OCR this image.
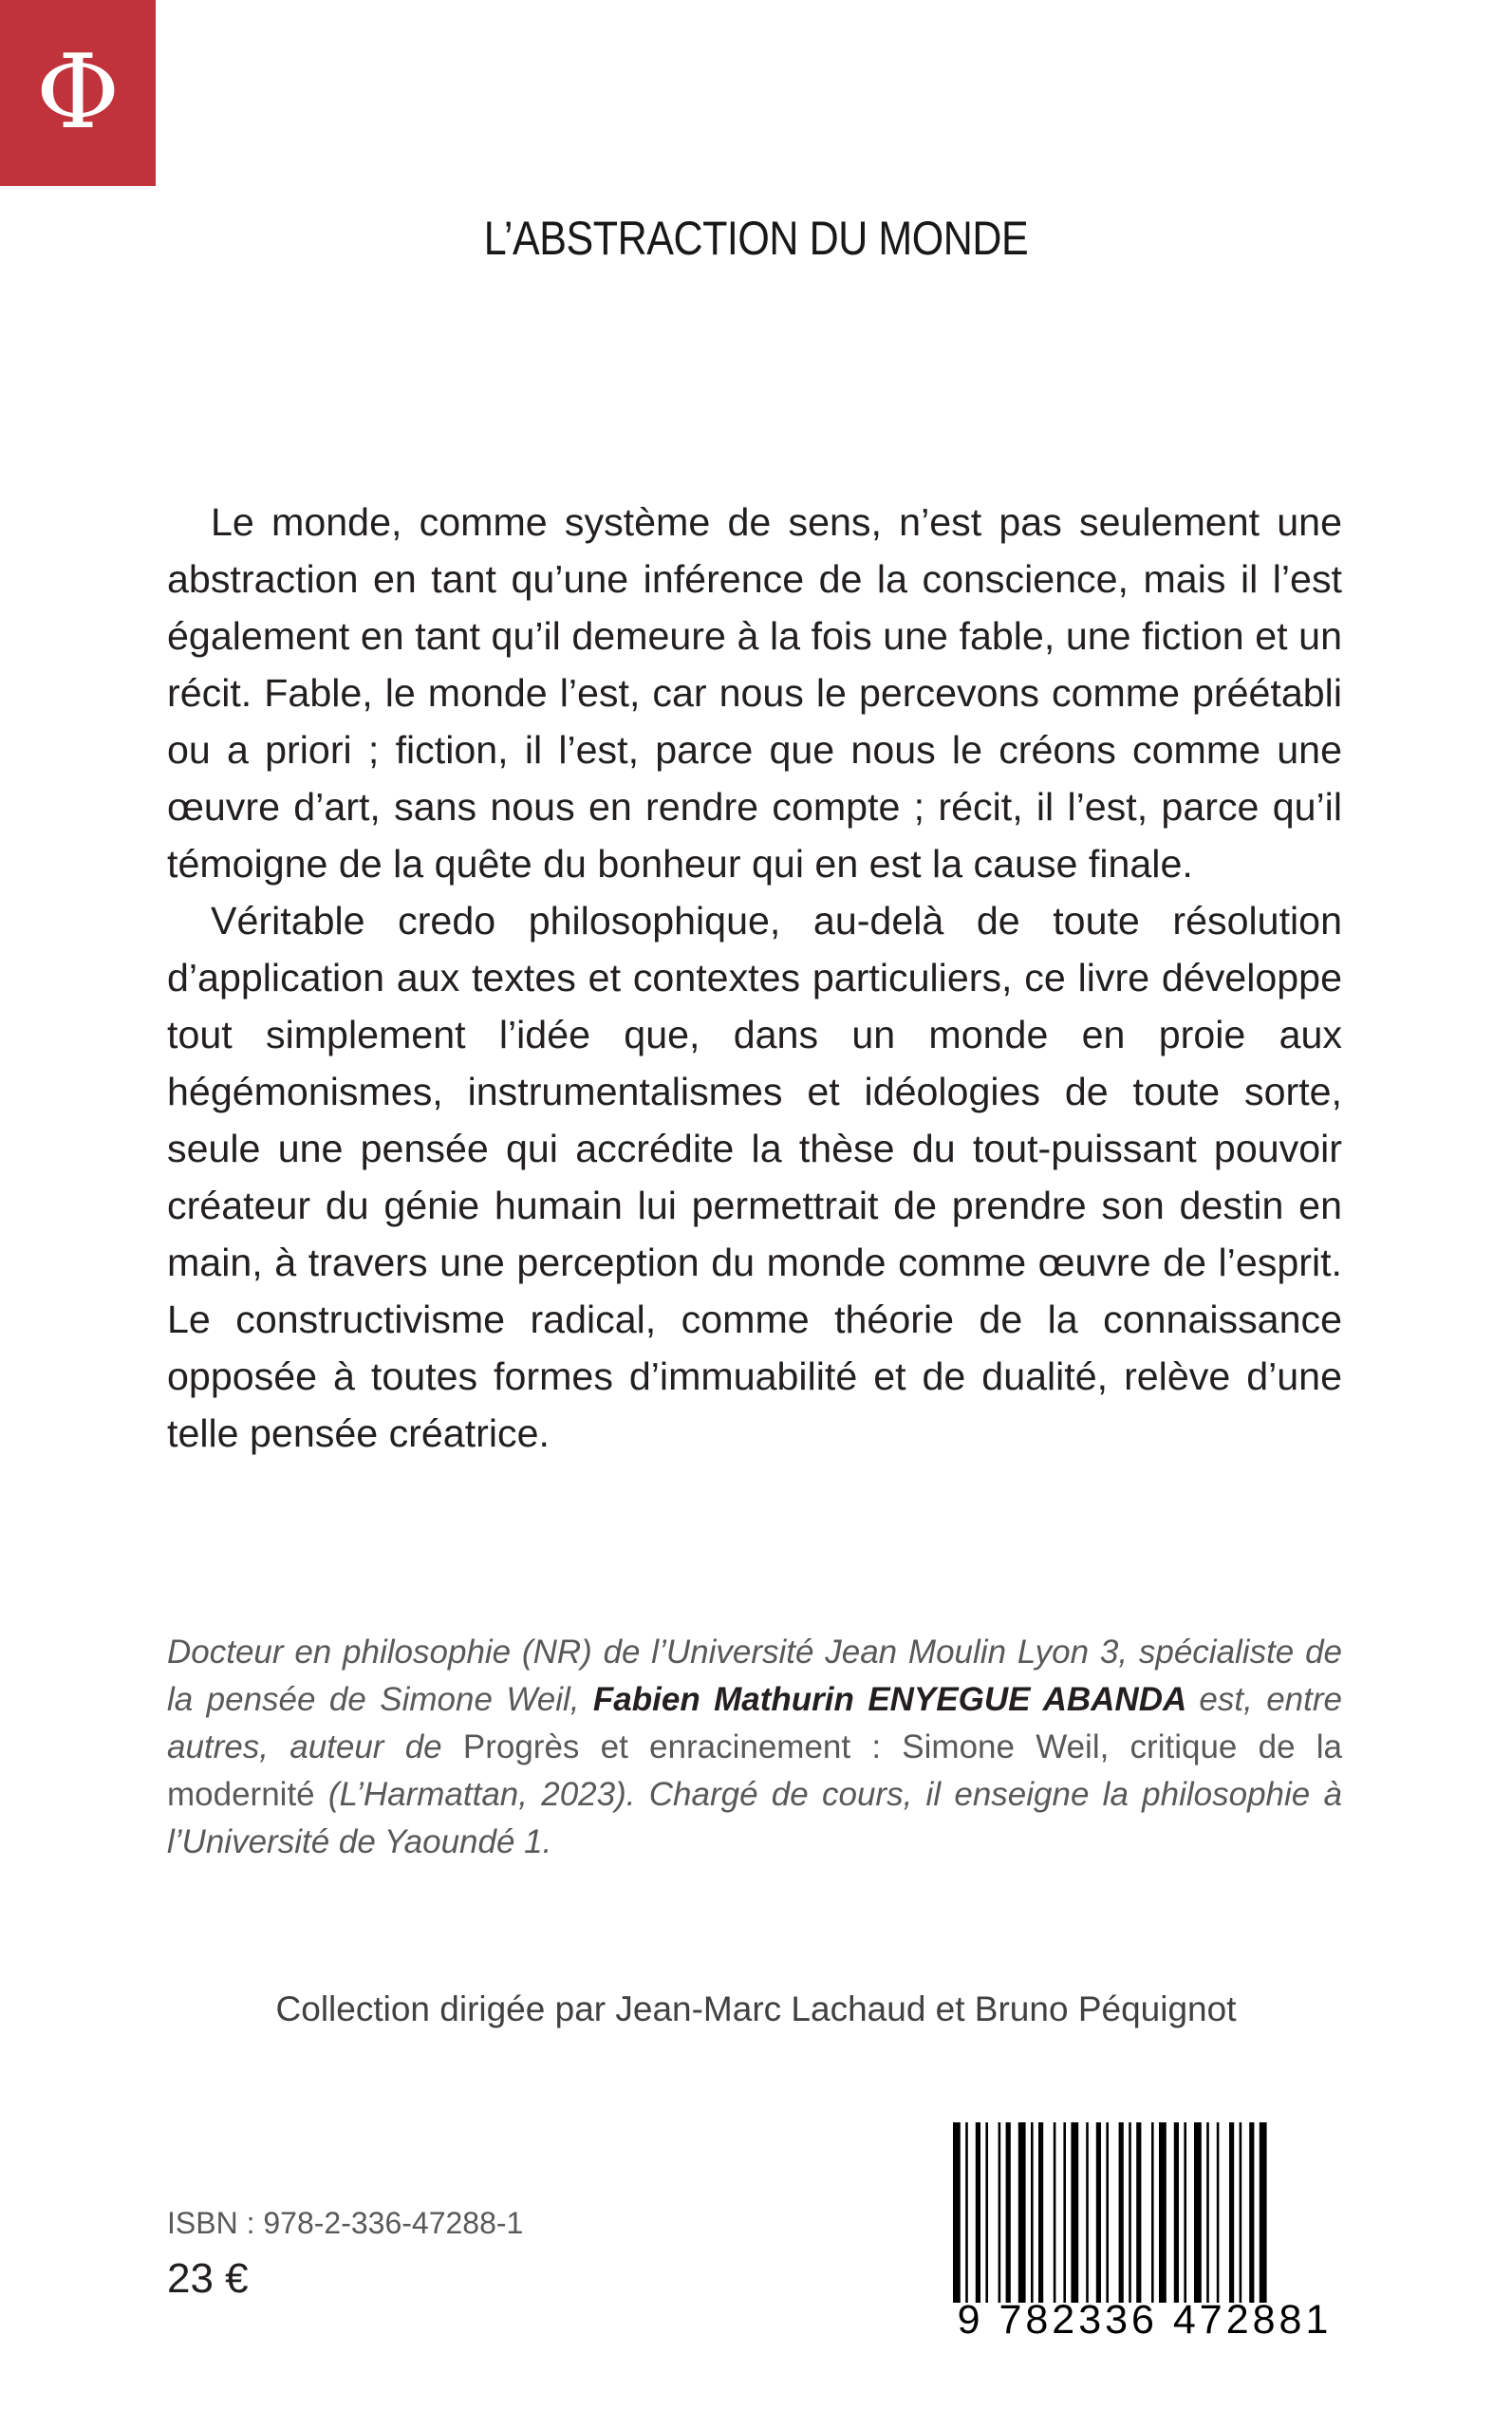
Φ
L’ABSTRACTION DU MONDE

Le monde, comme système de sens, n’est pas seulement une abstraction en tant qu’une inférence de la conscience, mais il l’est également en tant qu’il demeure à la fois une fable, une fiction et un récit. Fable, le monde l’est, car nous le percevons comme préétabli ou a priori ; fiction, il l’est, parce que nous le créons comme une œuvre d’art, sans nous en rendre compte ; récit, il l’est, parce qu’il témoigne de la quête du bonheur qui en est la cause finale.

Véritable credo philosophique, au-delà de toute résolution d’application aux textes et contextes particuliers, ce livre développe tout simplement l’idée que, dans un monde en proie aux hégémonismes, instrumentalismes et idéologies de toute sorte, seule une pensée qui accrédite la thèse du tout-puissant pouvoir créateur du génie humain lui permettrait de prendre son destin en main, à travers une perception du monde comme œuvre de l’esprit. Le constructivisme radical, comme théorie de la connaissance opposée à toutes formes d’immuabilité et de dualité, relève d’une telle pensée créatrice.

Docteur en philosophie (NR) de l’Université Jean Moulin Lyon 3, spécialiste de la pensée de Simone Weil, Fabien Mathurin ENYEGUE ABANDA est, entre autres, auteur de Progrès et enracinement : Simone Weil, critique de la modernité (L’Harmattan, 2023). Chargé de cours, il enseigne la philosophie à l’Université de Yaoundé 1.
Collection dirigée par Jean-Marc Lachaud et Bruno Péquignot
ISBN : 978-2-336-47288-1
23 €
9 782336 472881
